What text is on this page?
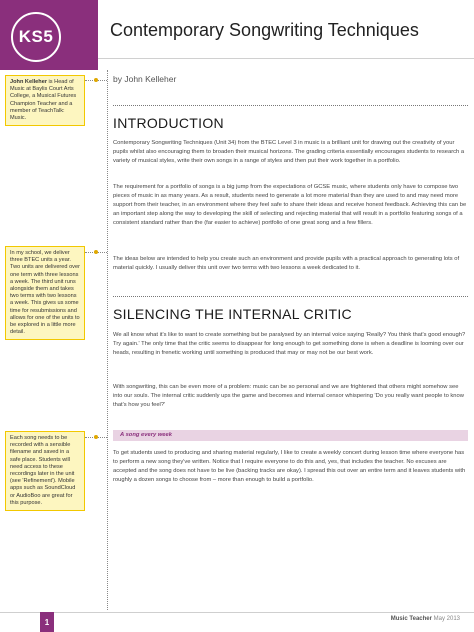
KS5	Contemporary Songwriting Techniques
John Kelleher is Head of Music at Baylis Court Arts College, a Musical Futures Champion Teacher and a member of TeachTalk: Music.
In my school, we deliver three BTEC units a year. Two units are delivered over one term with three lessons a week. The third unit runs alongside them and takes two terms with two lessons a week. This gives us some time for resubmissions and allows for one of the units to be explored in a little more detail.
Each song needs to be recorded with a sensible filename and saved in a safe place. Students will need access to these recordings later in the unit (see 'Refinement'). Mobile apps such as SoundCloud or AudioBoo are great for this purpose.
by John Kelleher
INTRODUCTION
Contemporary Songwriting Techniques (Unit 34) from the BTEC Level 3 in music is a brilliant unit for drawing out the creativity of your pupils whilst also encouraging them to broaden their musical horizons. The grading criteria essentially encourages students to research a variety of musical styles, write their own songs in a range of styles and then put their work together in a portfolio.
The requirement for a portfolio of songs is a big jump from the expectations of GCSE music, where students only have to compose two pieces of music in as many years. As a result, students need to generate a lot more material than they are used to and may need more support from their teacher, in an environment where they feel safe to share their ideas and receive honest feedback. Achieving this can be an important step along the way to developing the skill of selecting and rejecting material that will result in a portfolio featuring songs of a consistent standard rather than the (far easier to achieve) portfolio of one great song and a few fillers.
The ideas below are intended to help you create such an environment and provide pupils with a practical approach to generating lots of material quickly. I usually deliver this unit over two terms with two lessons a week dedicated to it.
SILENCING THE INTERNAL CRITIC
We all know what it's like to want to create something but be paralysed by an internal voice saying 'Really? You think that's good enough? Try again.' The only time that the critic seems to disappear for long enough to get something done is when a deadline is looming over our heads, resulting in frenetic working until something is produced that may or may not be our best work.
With songwriting, this can be even more of a problem: music can be so personal and we are frightened that others might somehow see into our souls. The internal critic suddenly ups the game and becomes and internal censor whispering 'Do you really want people to know that's how you feel?'
A song every week
To get students used to producing and sharing material regularly, I like to create a weekly concert during lesson time where everyone has to perform a new song they've written. Notice that I require everyone to do this and, yes, that includes the teacher. No excuses are accepted and the song does not have to be live (backing tracks are okay). I spread this out over an entire term and it leaves students with roughly a dozen songs to choose from – more than enough to build a portfolio.
1	Music Teacher May 2013
